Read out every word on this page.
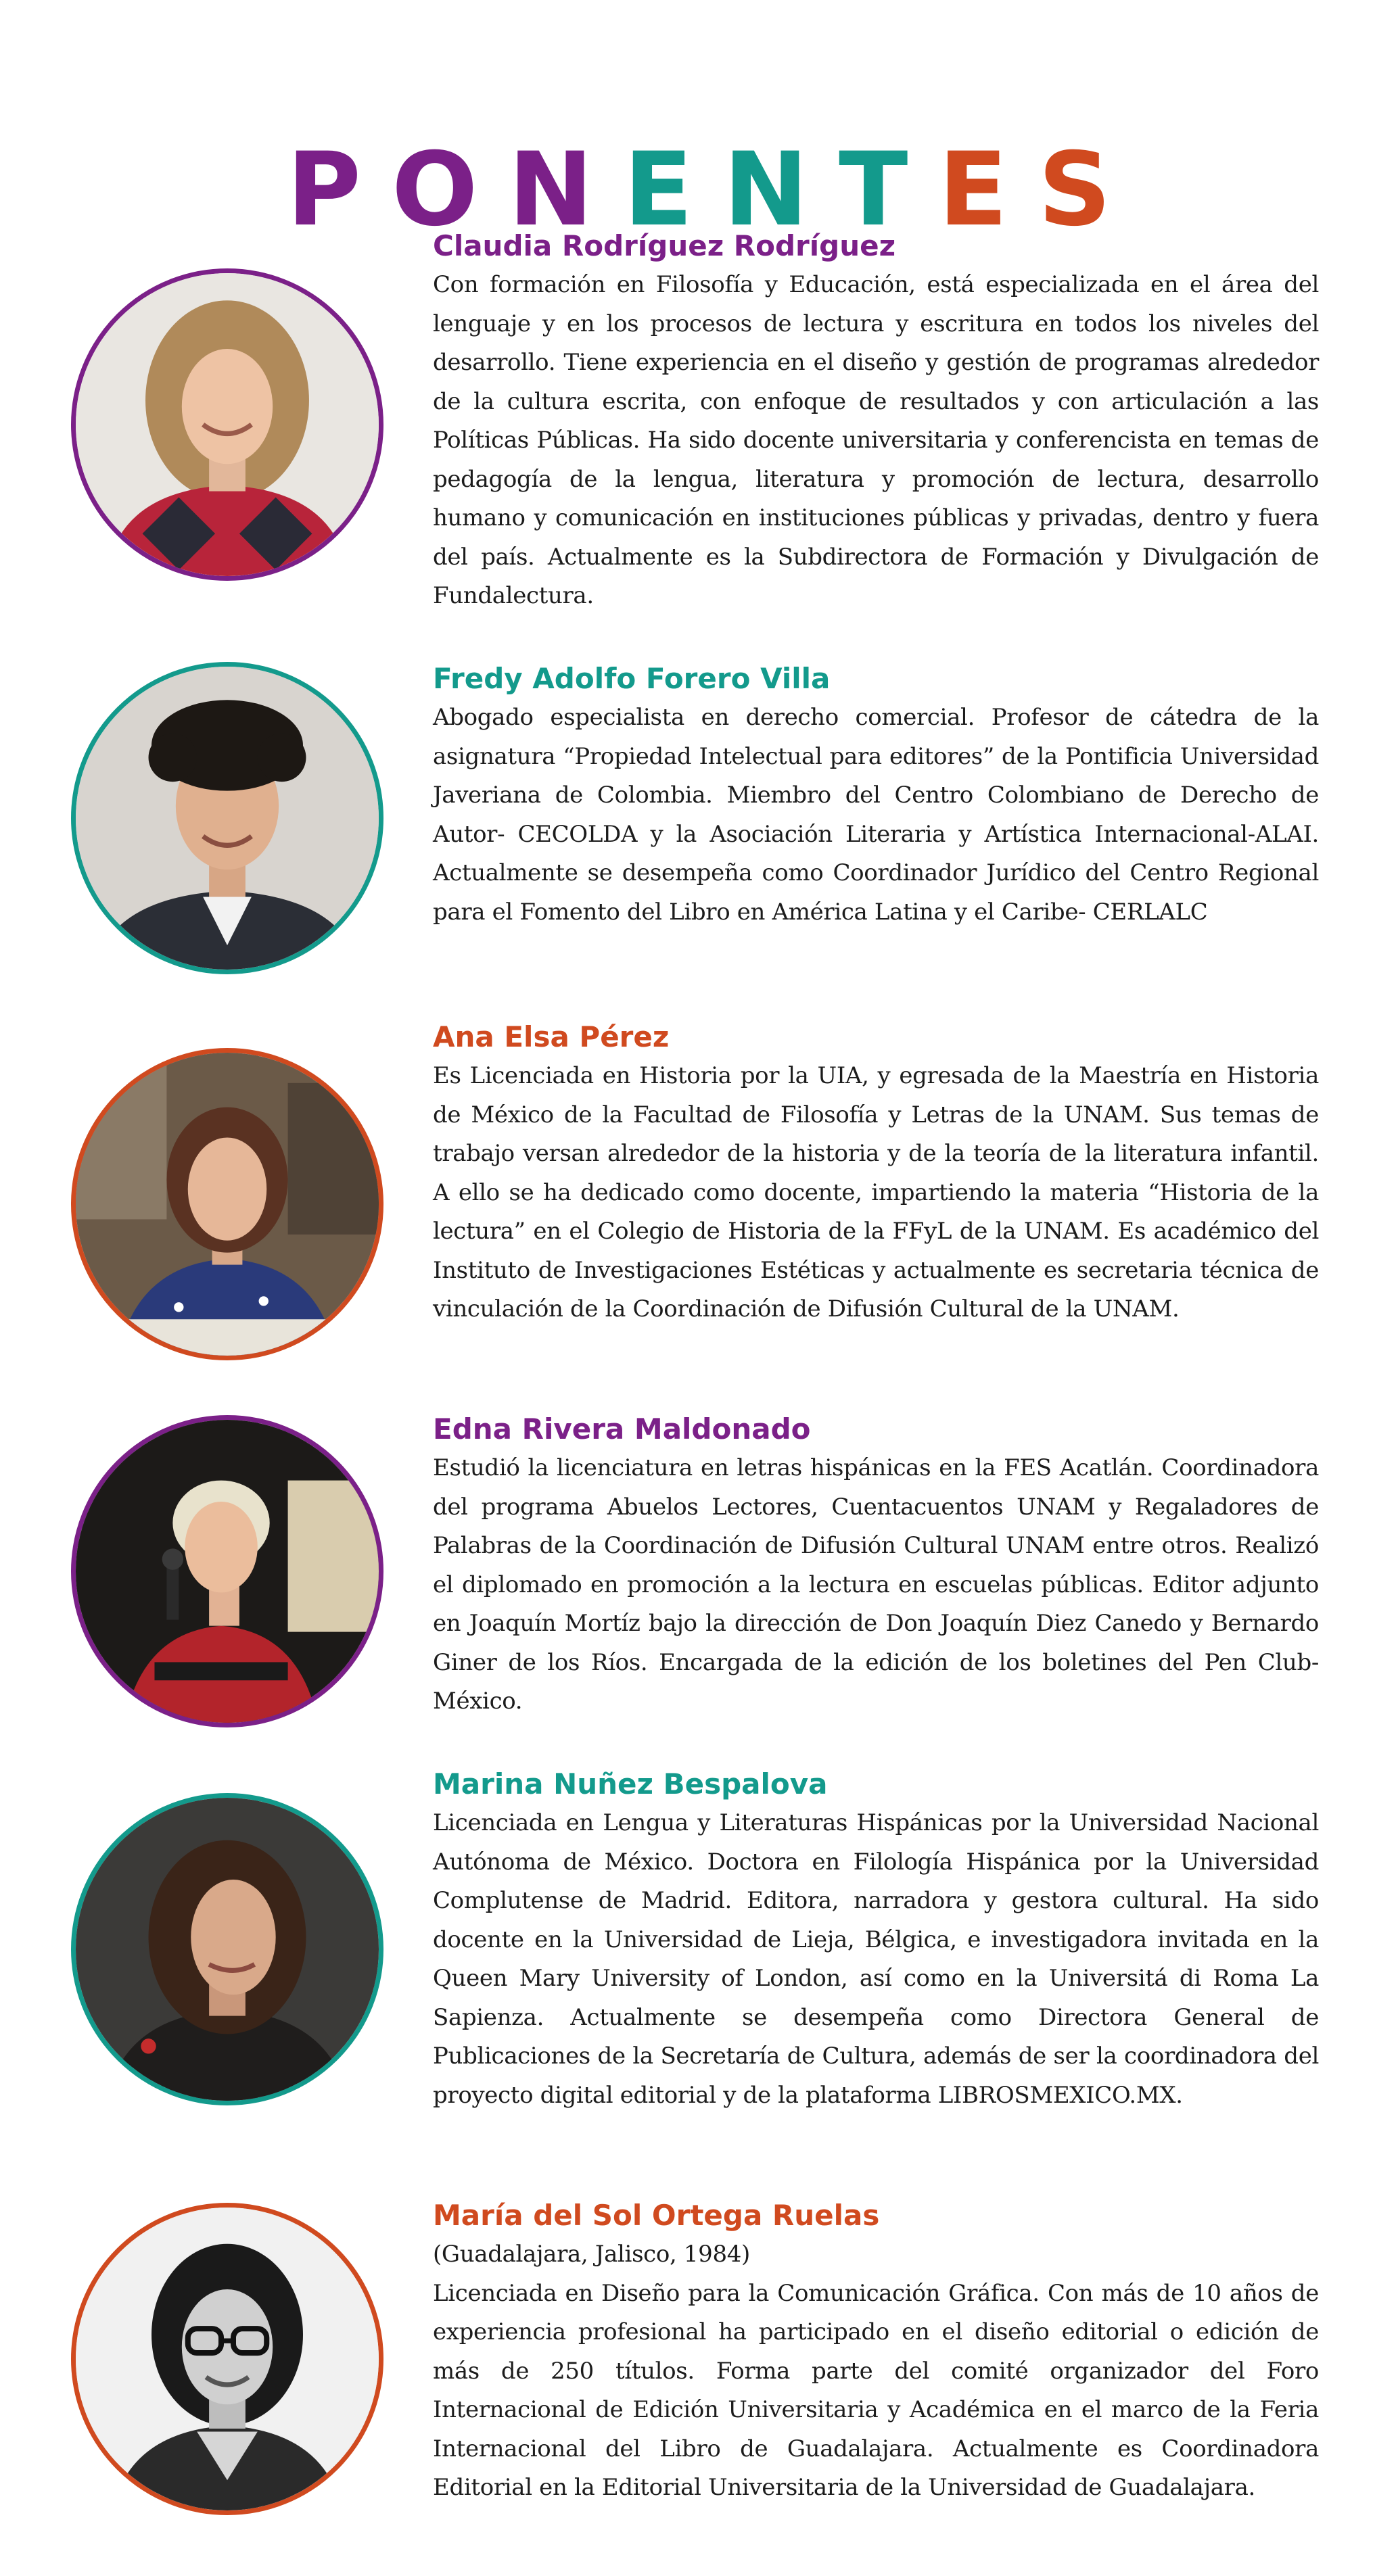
PONENTES
Claudia Rodríguez Rodríguez

Con formación en Filosofía y Educación, está especializada en el área del lenguaje y en los procesos de lectura y escritura en todos los niveles del desarrollo. Tiene experiencia en el diseño y gestión de programas alrededor de la cultura escrita, con enfoque de resultados y con articulación a las Políticas Públicas. Ha sido docente universitaria y conferencista en temas de pedagogía de la lengua, literatura y promoción de lectura, desarrollo humano y comunicación en instituciones públicas y privadas, dentro y fuera del país. Actualmente es la Subdirectora de Formación y Divulgación de Fundalectura.

Fredy Adolfo Forero Villa

Abogado especialista en derecho comercial. Profesor de cátedra de la asignatura “Propiedad Intelectual para editores” de la Pontificia Universidad Javeriana de Colombia. Miembro del Centro Colombiano de Derecho de Autor- CECOLDA y la Asociación Literaria y Artística Internacional-ALAI. Actualmente se desempeña como Coordinador Jurídico del Centro Regional para el Fomento del Libro en América Latina y el Caribe- CERLALC

Ana Elsa Pérez

Es Licenciada en Historia por la UIA, y egresada de la Maestría en Historia de México de la Facultad de Filosofía y Letras de la UNAM. Sus temas de trabajo versan alrededor de la historia y de la teoría de la literatura infantil. A ello se ha dedicado como docente, impartiendo la materia “Historia de la lectura” en el Colegio de Historia de la FFyL de la UNAM. Es académico del Instituto de Investigaciones Estéticas y actualmente es secretaria técnica de vinculación de la Coordinación de Difusión Cultural de la UNAM.

Edna Rivera Maldonado

Estudió la licenciatura en letras hispánicas en la FES Acatlán. Coordinadora del programa Abuelos Lectores, Cuentacuentos UNAM y Regaladores de Palabras de la Coordinación de Difusión Cultural UNAM entre otros. Realizó el diplomado en promoción a la lectura en escuelas públicas. Editor adjunto en Joaquín Mortíz bajo la dirección de Don Joaquín Diez Canedo y Bernardo Giner de los Ríos. Encargada de la edición de los boletines del Pen Club-México.

Marina Nuñez Bespalova

Licenciada en Lengua y Literaturas Hispánicas por la Universidad Nacional Autónoma de México. Doctora en Filología Hispánica por la Universidad Complutense de Madrid. Editora, narradora y gestora cultural. Ha sido docente en la Universidad de Lieja, Bélgica, e investigadora invitada en la Queen Mary University of London, así como en la Universitá di Roma La Sapienza. Actualmente se desempeña como Directora General de Publicaciones de la Secretaría de Cultura, además de ser la coordinadora del proyecto digital editorial y de la plataforma LIBROSMEXICO.MX.

María del Sol Ortega Ruelas

(Guadalajara, Jalisco, 1984)

Licenciada en Diseño para la Comunicación Gráfica. Con más de 10 años de experiencia profesional ha participado en el diseño editorial o edición de más de 250 títulos. Forma parte del comité organizador del Foro Internacional de Edición Universitaria y Académica en el marco de la Feria Internacional del Libro de Guadalajara. Actualmente es Coordinadora Editorial en la Editorial Universitaria de la Universidad de Guadalajara.
